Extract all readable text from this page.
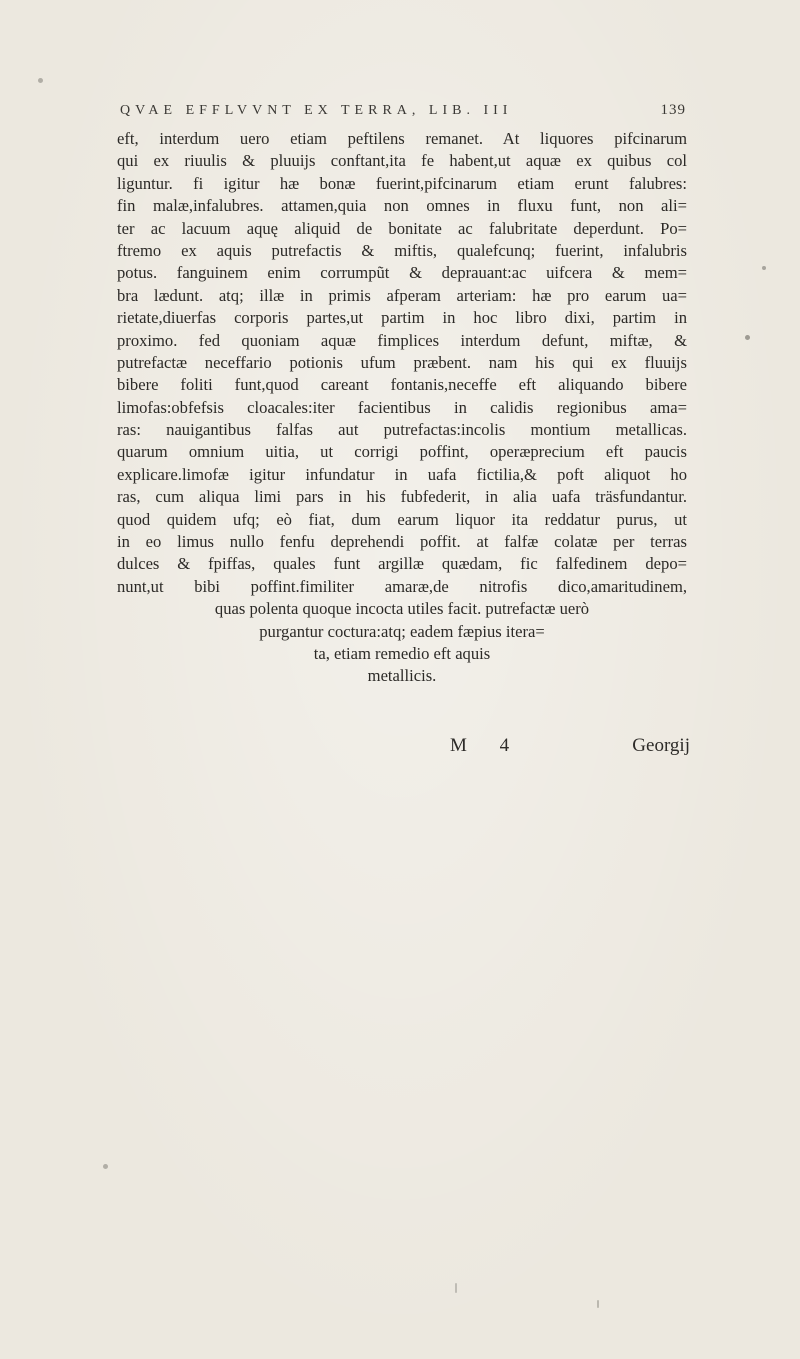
QVAE EFFLVVNT EX TERRA, LIB. III	139
eft, interdum uero etiam peftilens remanet. At liquores pifcinarum
qui ex riuulis & pluuijs conftant,ita fe habent,ut aquæ ex quibus col
liguntur. fi igitur hæ bonæ fuerint,pifcinarum etiam erunt falubres:
fin malæ,infalubres. attamen,quia non omnes in fluxu funt, non ali=
ter ac lacuum aquę aliquid de bonitate ac falubritate deperdunt. Po=
ftremo ex aquis putrefactis & miftis, qualefcunq; fuerint, infalubris
potus. fanguinem enim corrumpũt & deprauant:ac uifcera & mem=
bra lædunt. atq; illæ in primis afperam arteriam: hæ pro earum ua=
rietate,diuerfas corporis partes,ut partim in hoc libro dixi, partim in
proximo. fed quoniam aquæ fimplices interdum defunt, miftæ, &
putrefactæ neceffario potionis ufum præbent. nam his qui ex fluuijs
bibere foliti funt,quod careant fontanis,neceffe eft aliquando bibere
limofas:obfefsis cloacales:iter facientibus in calidis regionibus ama=
ras: nauigantibus falfas aut putrefactas:incolis montium metallicas.
quarum omnium uitia, ut corrigi poffint, operæprecium eft paucis
explicare.limofæ igitur infundatur in uafa fictilia,& poft aliquot ho
ras, cum aliqua limi pars in his fubfederit, in alia uafa träsfundantur.
quod quidem ufq; eò fiat, dum earum liquor ita reddatur purus, ut
in eo limus nullo fenfu deprehendi poffit. at falfæ colatæ per terras
dulces & fpiffas, quales funt argillæ quædam, fic falfedinem depo=
nunt,ut bibi poffint.fimiliter amaræ,de nitrofis dico,amaritudinem,
quas polenta quoque incocta utiles facit. putrefactæ uerò
purgantur coctura:atq; eadem fæpius itera=
ta, etiam remedio eft aquis
metallicis.
M 4	Georgij
